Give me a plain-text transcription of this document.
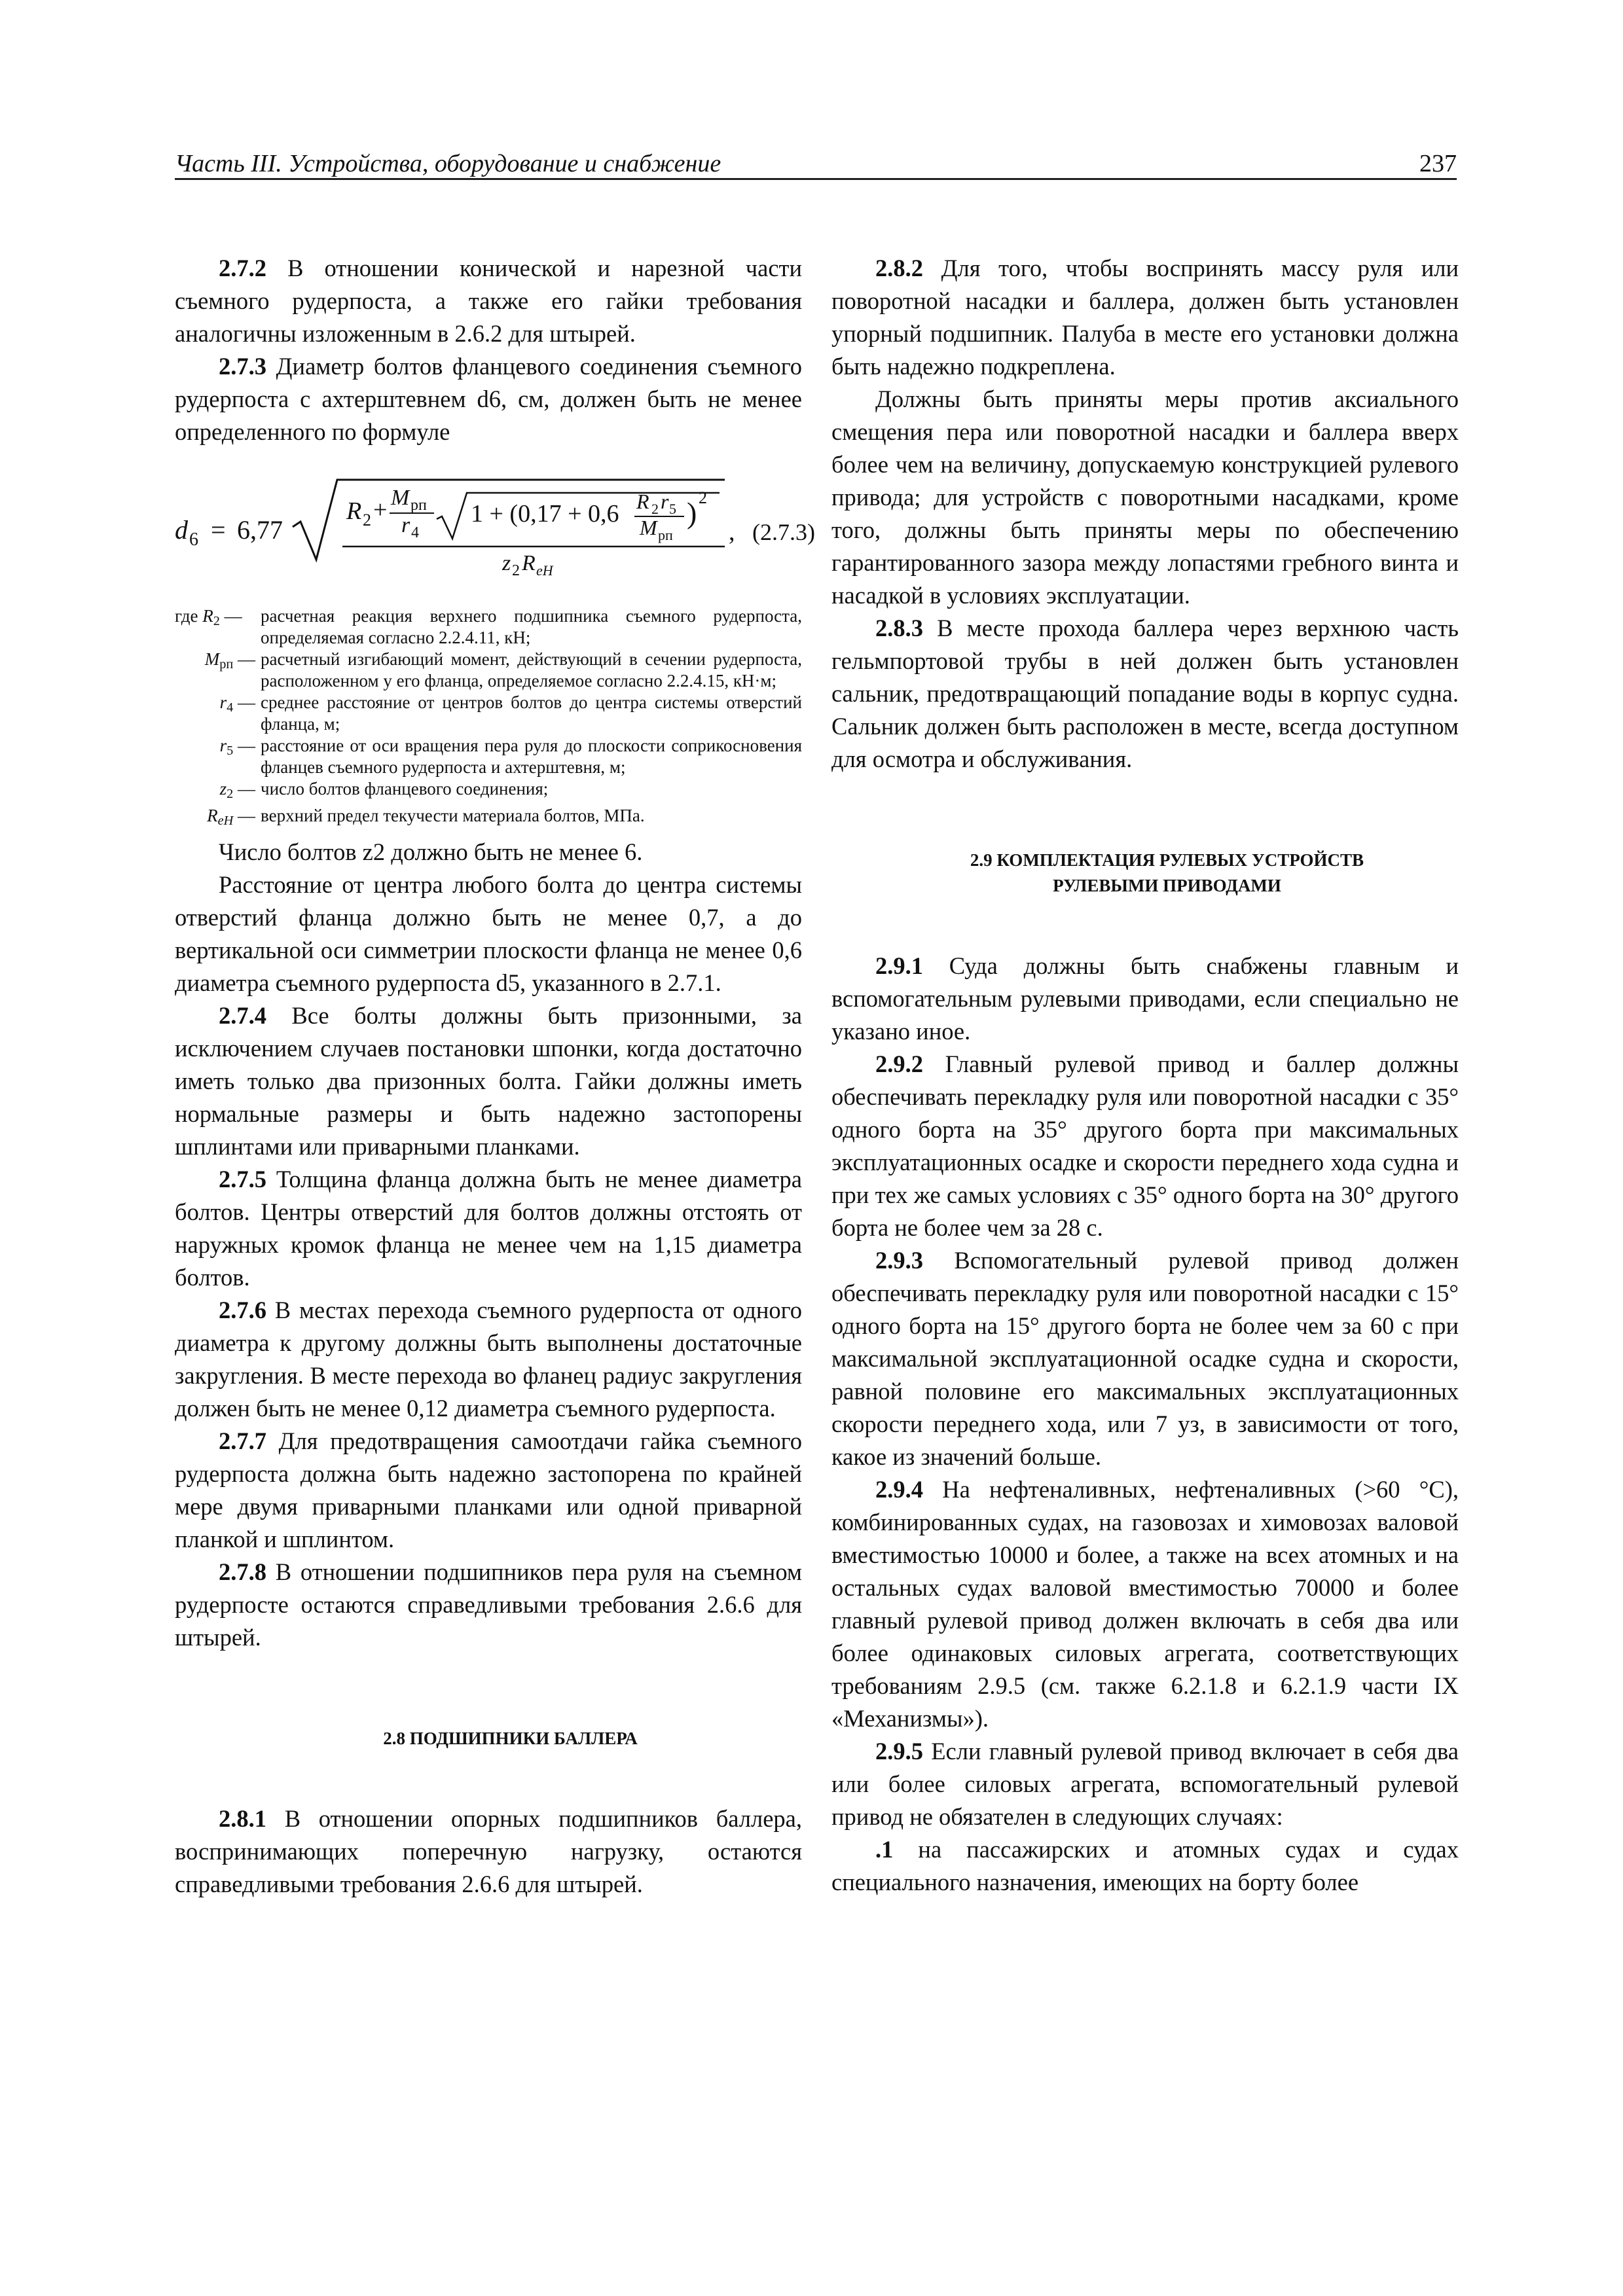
Часть III. Устройства, оборудование и снабжение	237

2.7.2 В отношении конической и нарезной части съемного рудерпоста, а также его гайки требования аналогичны изложенным в 2.6.2 для штырей.

2.7.3 Диаметр болтов фланцевого соединения съемного рудерпоста с ахтерштевнем d6, см, должен быть не менее определенного по формуле

d 6 = 6,77
R 2 + M рп
r 4
1 + (0,17 + 0,6 R 2 r 5
M рп
) 2
z 2 R eH
, (2.7.3)
где $R_2$ —	расчетная реакция верхнего подшипника съемного рудерпоста, определяемая согласно 2.2.4.11, кН;
$M_{рп}$ — расчетный изгибающий момент, действующий в сечении рудерпоста, расположенном у его фланца, определяемое согласно 2.2.4.15, кН·м;
$r_4$ — среднее расстояние от центров болтов до центра системы отверстий фланца, м;
$r_5$ — расстояние от оси вращения пера руля до плоскости соприкосновения фланцев съемного рудерпоста и ахтерштевня, м;
$z_2$ — число болтов фланцевого соединения;
$R_{eH}$ — верхний предел текучести материала болтов, МПа.

Число болтов z2 должно быть не менее 6.

Расстояние от центра любого болта до центра системы отверстий фланца должно быть не менее 0,7, а до вертикальной оси симметрии плоскости фланца не менее 0,6 диаметра съемного рудерпоста d5, указанного в 2.7.1.

2.7.4 Все болты должны быть призонными, за исключением случаев постановки шпонки, когда достаточно иметь только два призонных болта. Гайки должны иметь нормальные размеры и быть надежно застопорены шплинтами или приварными планками.

2.7.5 Толщина фланца должна быть не менее диаметра болтов. Центры отверстий для болтов должны отстоять от наружных кромок фланца не менее чем на 1,15 диаметра болтов.

2.7.6 В местах перехода съемного рудерпоста от одного диаметра к другому должны быть выполнены достаточные закругления. В месте перехода во фланец радиус закругления должен быть не менее 0,12 диаметра съемного рудерпоста.

2.7.7 Для предотвращения самоотдачи гайка съемного рудерпоста должна быть надежно застопорена по крайней мере двумя приварными планками или одной приварной планкой и шплинтом.

2.7.8 В отношении подшипников пера руля на съемном рудерпосте остаются справедливыми требования 2.6.6 для штырей.

2.8 ПОДШИПНИКИ БАЛЛЕРА

2.8.1 В отношении опорных подшипников баллера, воспринимающих поперечную нагрузку, остаются справедливыми требования 2.6.6 для штырей.

2.8.2 Для того, чтобы воспринять массу руля или поворотной насадки и баллера, должен быть установлен упорный подшипник. Палуба в месте его установки должна быть надежно подкреплена.

Должны быть приняты меры против аксиального смещения пера или поворотной насадки и баллера вверх более чем на величину, допускаемую конструкцией рулевого привода; для устройств с поворотными насадками, кроме того, должны быть приняты меры по обеспечению гарантированного зазора между лопастями гребного винта и насадкой в условиях эксплуатации.

2.8.3 В месте прохода баллера через верхнюю часть гельмпортовой трубы в ней должен быть установлен сальник, предотвращающий попадание воды в корпус судна. Сальник должен быть расположен в месте, всегда доступном для осмотра и обслуживания.

2.9 КОМПЛЕКТАЦИЯ РУЛЕВЫХ УСТРОЙСТВ

РУЛЕВЫМИ ПРИВОДАМИ

2.9.1 Суда должны быть снабжены главным и вспомогательным рулевыми приводами, если специально не указано иное.

2.9.2 Главный рулевой привод и баллер должны обеспечивать перекладку руля или поворотной насадки с 35° одного борта на 35° другого борта при максимальных эксплуатационных осадке и скорости переднего хода судна и при тех же самых условиях с 35° одного борта на 30° другого борта не более чем за 28 с.

2.9.3 Вспомогательный рулевой привод должен обеспечивать перекладку руля или поворотной насадки с 15° одного борта на 15° другого борта не более чем за 60 с при максимальной эксплуатационной осадке судна и скорости, равной половине его максимальных эксплуатационных скорости переднего хода, или 7 уз, в зависимости от того, какое из значений больше.

2.9.4 На нефтеналивных, нефтеналивных (>60 °С), комбинированных судах, на газовозах и химовозах валовой вместимостью 10000 и более, а также на всех атомных и на остальных судах валовой вместимостью 70000 и более главный рулевой привод должен включать в себя два или более одинаковых силовых агрегата, соответствующих требованиям 2.9.5 (см. также 6.2.1.8 и 6.2.1.9 части IX «Механизмы»).

2.9.5 Если главный рулевой привод включает в себя два или более силовых агрегата, вспомогательный рулевой привод не обязателен в следующих случаях:

.1 на пассажирских и атомных судах и судах специального назначения, имеющих на борту более
